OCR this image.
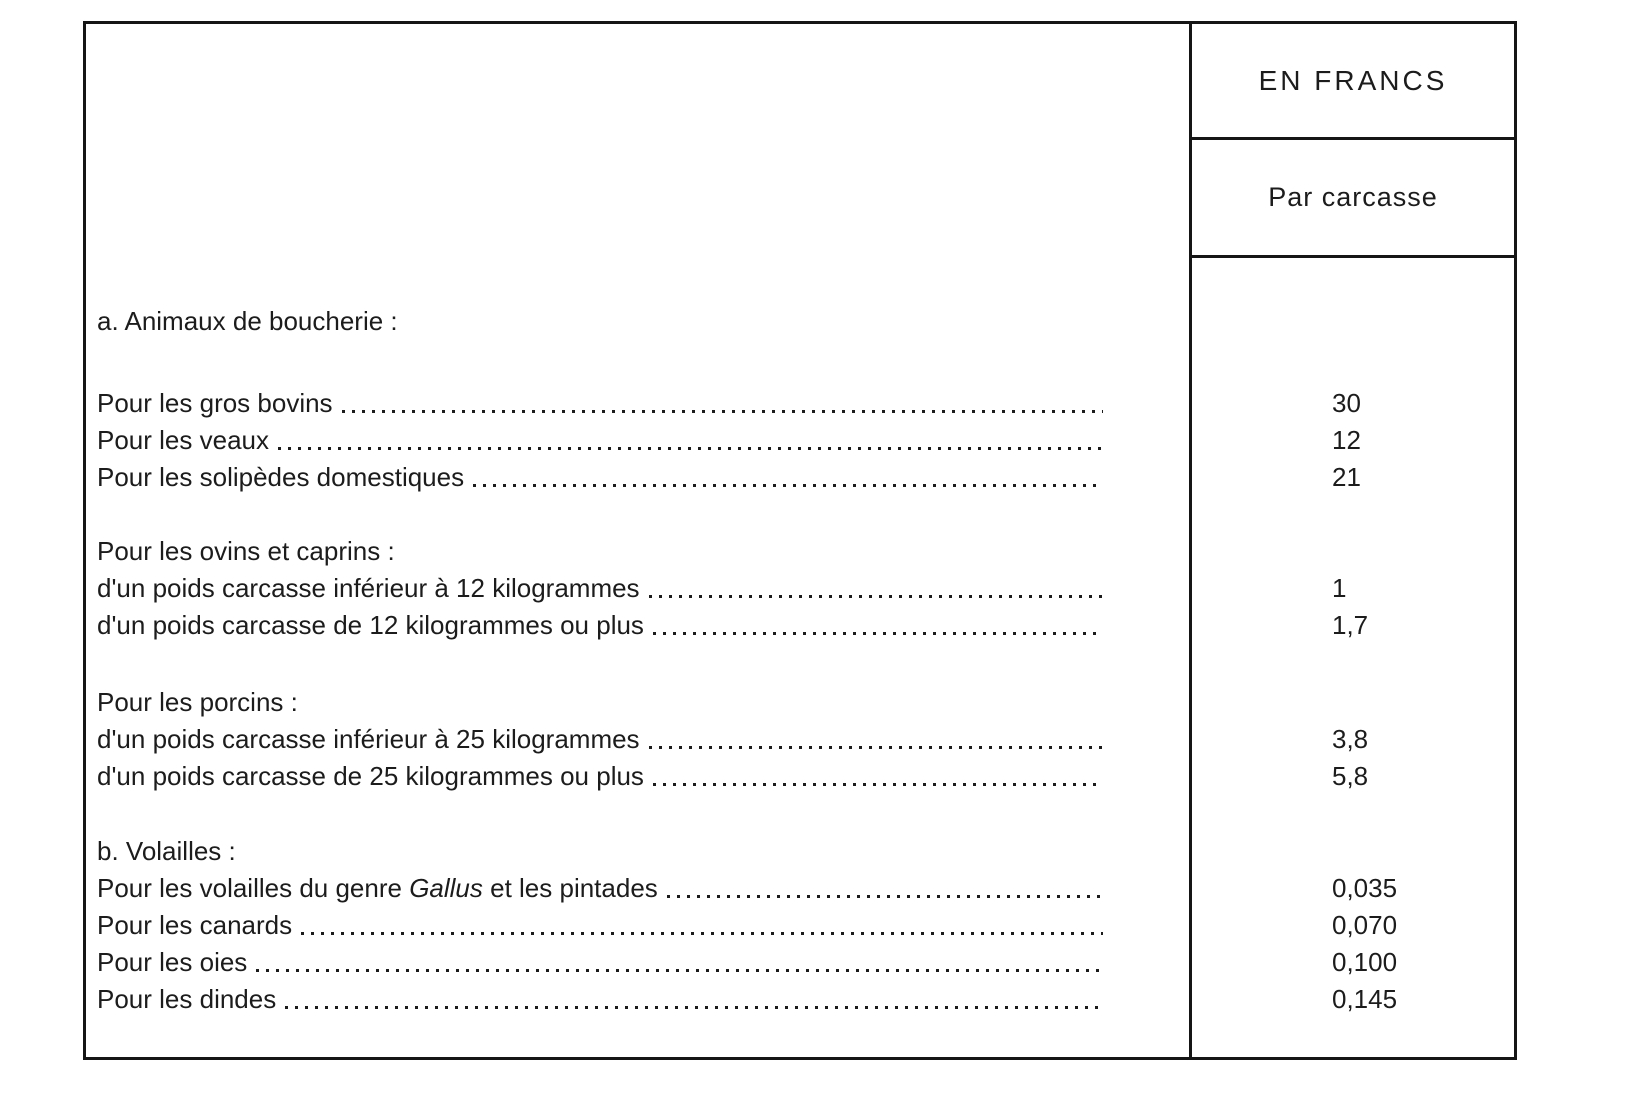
EN FRANCS
Par carcasse
a. Animaux de boucherie :
Pour les gros bovins	30
Pour les veaux	12
Pour les solipèdes domestiques	21
Pour les ovins et caprins :
d'un poids carcasse inférieur à 12 kilogrammes	1
d'un poids carcasse de 12 kilogrammes ou plus	1,7
Pour les porcins :
d'un poids carcasse inférieur à 25 kilogrammes	3,8
d'un poids carcasse de 25 kilogrammes ou plus	5,8
b. Volailles :
Pour les volailles du genre Gallus et les pintades	0,035
Pour les canards	0,070
Pour les oies	0,100
Pour les dindes	0,145
